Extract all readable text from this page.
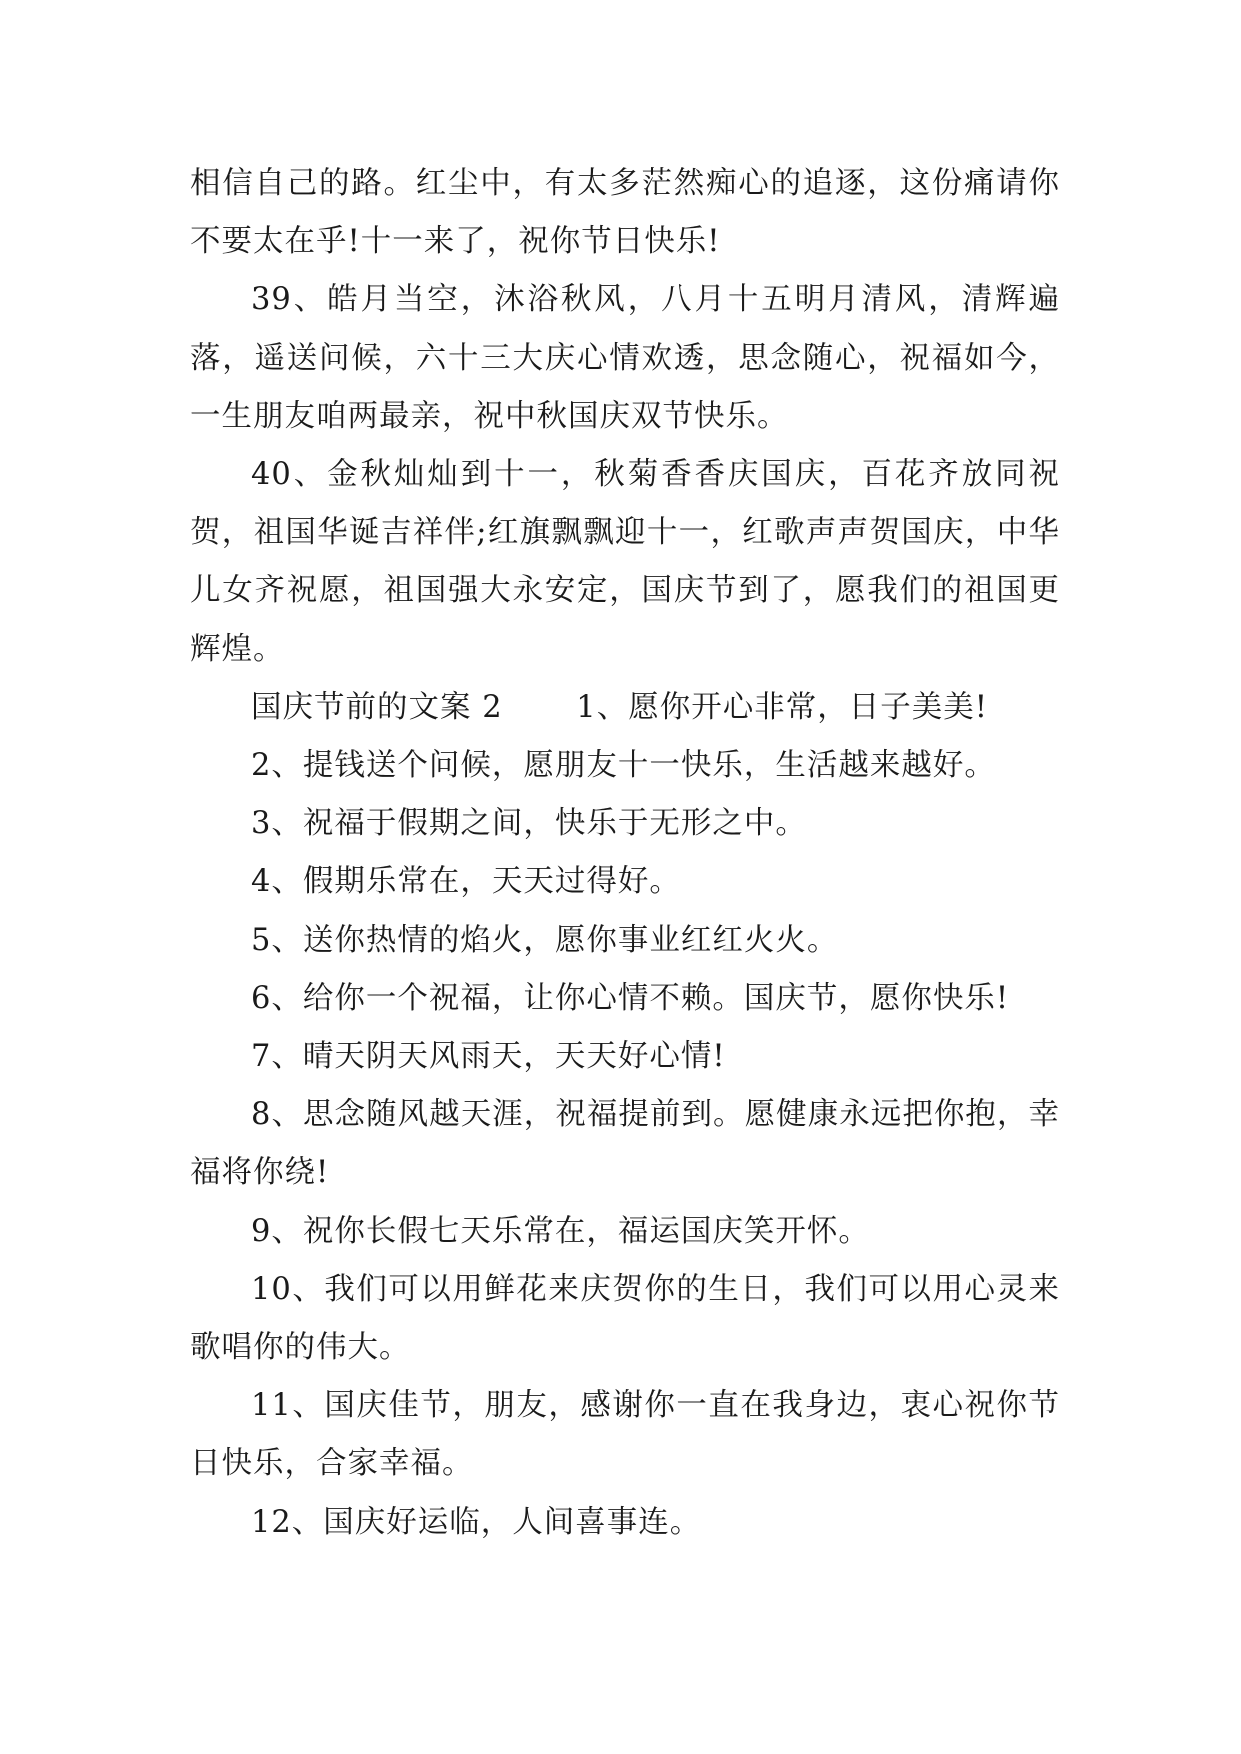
相信自己的路。红尘中，有太多茫然痴心的追逐，这份痛请你不要太在乎!十一来了，祝你节日快乐!

39、皓月当空，沐浴秋风，八月十五明月清风，清辉遍落，遥送问候，六十三大庆心情欢透，思念随心，祝福如今，一生朋友咱两最亲，祝中秋国庆双节快乐。

40、金秋灿灿到十一，秋菊香香庆国庆，百花齐放同祝贺，祖国华诞吉祥伴;红旗飘飘迎十一，红歌声声贺国庆，中华儿女齐祝愿，祖国强大永安定，国庆节到了，愿我们的祖国更辉煌。

国庆节前的文案 2　　 1、愿你开心非常，日子美美!

2、提钱送个问候，愿朋友十一快乐，生活越来越好。

3、祝福于假期之间，快乐于无形之中。

4、假期乐常在，天天过得好。

5、送你热情的焰火，愿你事业红红火火。

6、给你一个祝福，让你心情不赖。国庆节，愿你快乐!

7、晴天阴天风雨天，天天好心情!

8、思念随风越天涯，祝福提前到。愿健康永远把你抱，幸福将你绕!

9、祝你长假七天乐常在，福运国庆笑开怀。

10、我们可以用鲜花来庆贺你的生日，我们可以用心灵来歌唱你的伟大。

11、国庆佳节，朋友，感谢你一直在我身边，衷心祝你节日快乐，合家幸福。

12、国庆好运临，人间喜事连。
